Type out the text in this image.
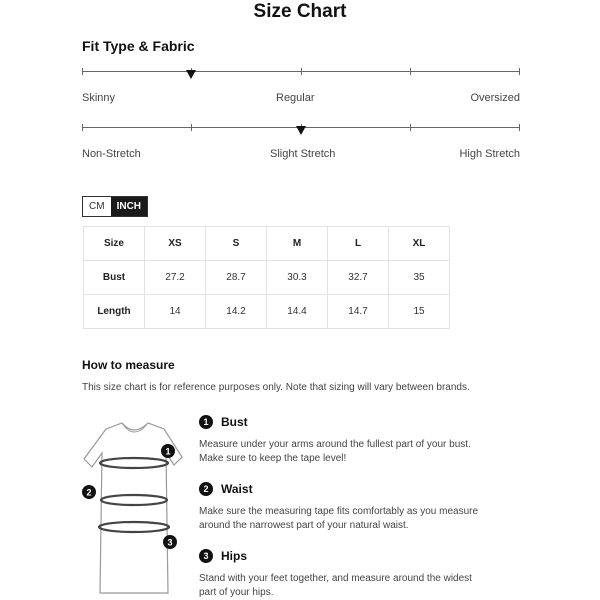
Size Chart
Fit Type & Fabric
Skinny	Regular	Oversized
Non-Stretch	Slight Stretch	High Stretch
CM	INCH
Size	XS	S	M	L	XL
Bust	27.2	28.7	30.3	32.7	35
Length	14	14.2	14.4	14.7	15
How to measure
This size chart is for reference purposes only. Note that sizing will vary between brands.
1
2
3
1	Bust
Measure under your arms around the fullest part of your bust. Make sure to keep the tape level!
2	Waist
Make sure the measuring tape fits comfortably as you measure around the narrowest part of your natural waist.
3	Hips
Stand with your feet together, and measure around the widest part of your hips.
